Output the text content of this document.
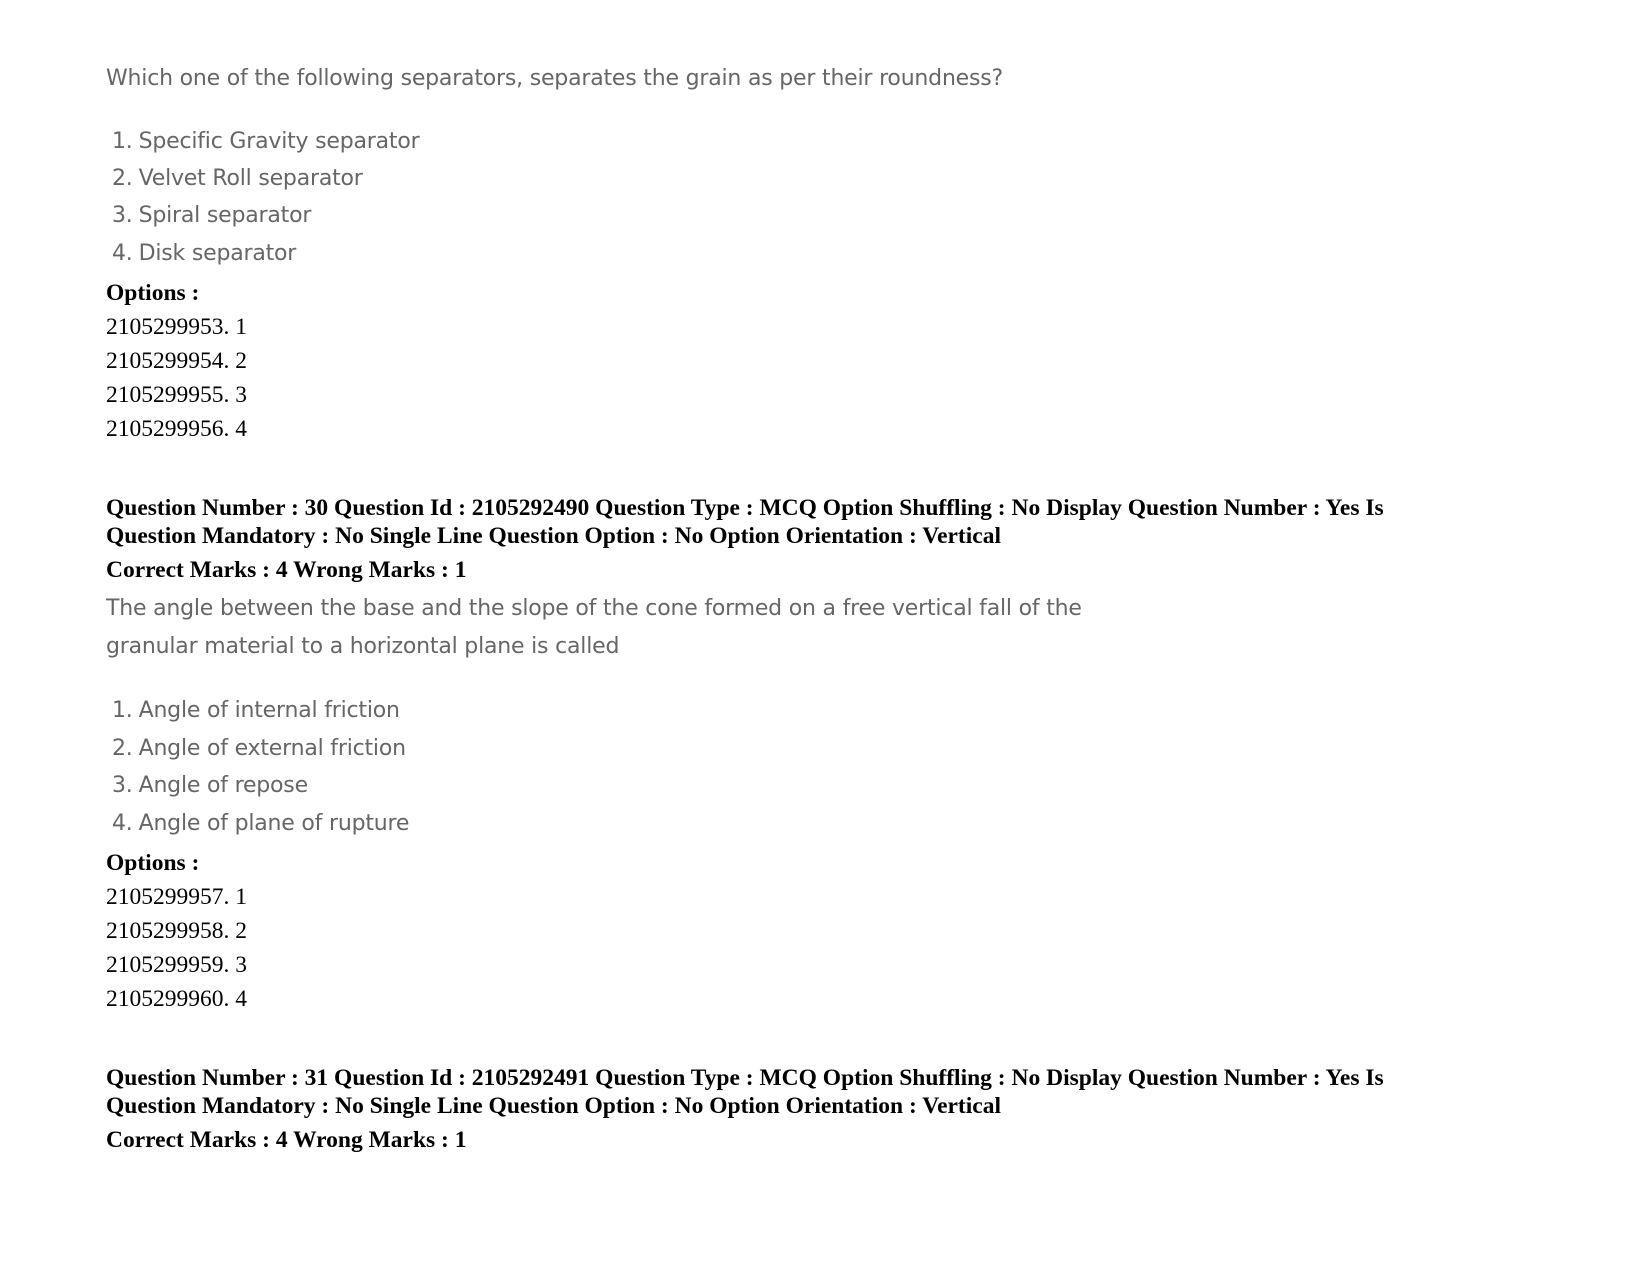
Which one of the following separators, separates the grain as per their roundness?
1. Specific Gravity separator
2. Velvet Roll separator
3. Spiral separator
4. Disk separator
Options :
2105299953. 1
2105299954. 2
2105299955. 3
2105299956. 4
Question Number : 30 Question Id : 2105292490 Question Type : MCQ Option Shuffling : No Display Question Number : Yes Is
Question Mandatory : No Single Line Question Option : No Option Orientation : Vertical
Correct Marks : 4 Wrong Marks : 1
The angle between the base and the slope of the cone formed on a free vertical fall of the
granular material to a horizontal plane is called
1. Angle of internal friction
2. Angle of external friction
3. Angle of repose
4. Angle of plane of rupture
Options :
2105299957. 1
2105299958. 2
2105299959. 3
2105299960. 4
Question Number : 31 Question Id : 2105292491 Question Type : MCQ Option Shuffling : No Display Question Number : Yes Is
Question Mandatory : No Single Line Question Option : No Option Orientation : Vertical
Correct Marks : 4 Wrong Marks : 1
